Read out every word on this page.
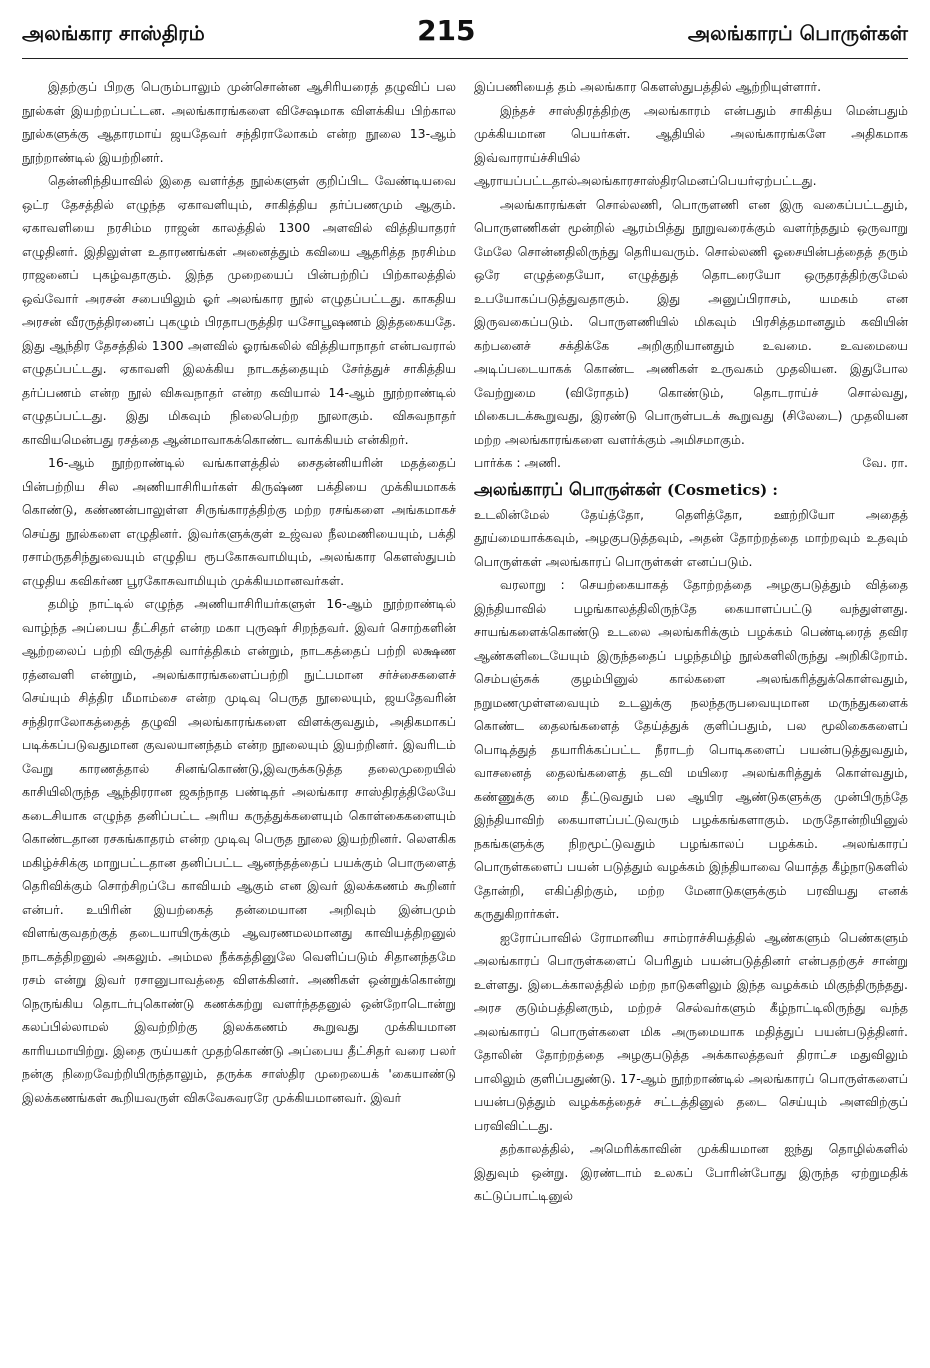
அலங்கார சாஸ்திரம்	215	அலங்காரப் பொருள்கள்

இதற்குப் பிறகு பெரும்பாலும் முன்சொன்ன ஆசிரியரைத் தழுவிப் பல நூல்கள் இயற்றப்பட்டன. அலங்காரங்களை விசேஷமாக விளக்கிய பிற்கால நூல்களுக்கு ஆதாரமாய் ஜயதேவர் சந்திராலோகம் என்ற நூலை 13-ஆம் நூற்றாண்டில் இயற்றினர்.

தென்னிந்தியாவில் இதை வளர்த்த நூல்களுள் குறிப்பிட வேண்டியவை ஒட்ர தேசத்தில் எழுந்த ஏகாவளியும், சாகித்திய தர்ப்பணமும் ஆகும். ஏகாவளியை நரசிம்ம ராஜன் காலத்தில் 1300 அளவில் வித்தியாதரர் எழுதினர். இதிலுள்ள உதாரணங்கள் அனைத்தும் கவியை ஆதரித்த நரசிம்ம ராஜனைப் புகழ்வதாகும். இந்த முறையைப் பின்பற்றிப் பிற்காலத்தில் ஒவ்வோர் அரசன் சபையிலும் ஓர் அலங்கார நூல் எழுதப்பட்டது. காகதிய அரசன் வீரருத்திரனைப் புகழும் பிரதாபருத்திர யசோபூஷணம் இத்தகையதே. இது ஆந்திர தேசத்தில் 1300 அளவில் ஓரங்கலில் வித்தியாநாதர் என்பவரால் எழுதப்பட்டது. ஏகாவளி இலக்கிய நாடகத்தையும் சேர்த்துச் சாகித்திய தர்ப்பணம் என்ற நூல் விசுவநாதர் என்ற கவியால் 14-ஆம் நூற்றாண்டில் எழுதப்பட்டது. இது மிகவும் நிலைபெற்ற நூலாகும். விசுவநாதர் காவியமென்பது ரசத்தை ஆன்மாவாகக்கொண்ட வாக்கியம் என்கிறர்.

16-ஆம் நூற்றாண்டில் வங்காளத்தில் சைதன்னியரின் மதத்தைப் பின்பற்றிய சில அணியாசிரியர்கள் கிருஷ்ண பக்தியை முக்கியமாகக் கொண்டு, கண்ணன்பாலுள்ள சிருங்காரத்திற்கு மற்ற ரசங்களை அங்கமாகச் செய்து நூல்களை எழுதினர். இவர்களுக்குள் உஜ்வல நீலமணியையும், பக்தி ரசாம்ருதசிந்துவையும் எழுதிய ரூபகோசுவாமியும், அலங்கார கௌஸ்துபம் எழுதிய கவிகர்ண பூரகோசுவாமியும் முக்கியமானவர்கள்.

தமிழ் நாட்டில் எழுந்த அணியாசிரியர்களுள் 16-ஆம் நூற்றாண்டில் வாழ்ந்த அப்பைய தீட்சிதர் என்ற மகா புருஷர் சிறந்தவர். இவர் சொற்களின் ஆற்றலைப் பற்றி விருத்தி வார்த்திகம் என்றும், நாடகத்தைப் பற்றி லக்ஷண ரத்னவளி என்றும், அலங்காரங்களைப்பற்றி நுட்பமான சர்ச்சைகளைச் செய்யும் சித்திர மீமாம்சை என்ற முடிவு பெருத நூலையும், ஜயதேவரின் சந்திராலோகத்தைத் தழுவி அலங்காரங்களை விளக்குவதும், அதிகமாகப் படிக்கப்படுவதுமான குவலயானந்தம் என்ற நூலையும் இயற்றினர். இவரிடம் வேறு காரணத்தால் சினங்கொண்டு,இவருக்கடுத்த தலைமுறையில் காசியிலிருந்த ஆந்திரரான ஜகந்நாத பண்டிதர் அலங்கார சாஸ்திரத்திலேயே கடைசியாக எழுந்த தனிப்பட்ட அரிய கருத்துக்களையும் கொள்கைகளையும் கொண்டதான ரசகங்காதரம் என்ற முடிவு பெருத நூலை இயற்றினர். லௌகிக மகிழ்ச்சிக்கு மாறுபட்டதான தனிப்பட்ட ஆனந்தத்தைப் பயக்கும் பொருளைத் தெரிவிக்கும் சொற்சிறப்பே காவியம் ஆகும் என இவர் இலக்கணம் கூறினர் என்பர். உயிரின் இயற்கைத் தன்மையான அறிவும் இன்பமும் விளங்குவதற்குத் தடையாயிருக்கும் ஆவரணமலமானது காவியத்திறனுல் நாடகத்திறனுல் அகலும். அம்மல நீக்கத்தினுலே வெளிப்படும் சிதானந்தமே ரசம் என்று இவர் ரசானுபாவத்தை விளக்கினர். அணிகள் ஒன்றுக்கொன்று நெருங்கிய தொடர்புகொண்டு கணக்கற்று வளர்ந்ததனுல் ஒன்றோடொன்று கலப்பில்லாமல் இவற்றிற்கு இலக்கணம் கூறுவது முக்கியமான காரியமாயிற்று. இதை ருய்யகர் முதற்கொண்டு அப்பைய தீட்சிதர் வரை பலர் நன்கு நிறைவேற்றியிருந்தாலும், தருக்க சாஸ்திர முறையைக் 'கையாண்டு இலக்கணங்கள் கூறியவருள் விசுவேசுவரரே முக்கியமானவர். இவர்

இப்பணியைத் தம் அலங்கார கௌஸ்துபத்தில் ஆற்றியுள்ளார்.

இந்தச் சாஸ்திரத்திற்கு அலங்காரம் என்பதும் சாகித்ய மென்பதும் முக்கியமான பெயர்கள். ஆதியில் அலங்காரங்களே அதிகமாக இவ்வாராய்ச்சியில் ஆராயப்பட்டதால்அலங்காரசாஸ்திரமெனப்பெயர்ஏற்பட்டது.

அலங்காரங்கள் சொல்லணி, பொருளணி என இரு வகைப்பட்டதும், பொருளணிகள் மூன்றில் ஆரம்பித்து நூறுவரைக்கும் வளர்ந்ததும் ஒருவாறு மேலே சொன்னதிலிருந்து தெரியவரும். சொல்லணி ஓசையின்பத்தைத் தரும் ஒரே எழுத்தையோ, எழுத்துத் தொடரையோ ஒருதரத்திற்குமேல் உபயோகப்படுத்துவதாகும். இது அனுப்பிராசம், யமகம் என இருவகைப்படும். பொருளணியில் மிகவும் பிரசித்தமானதும் கவியின் கற்பனைச் சக்திக்கே அறிகுறியானதும் உவமை. உவமையை அடிப்படையாகக் கொண்ட அணிகள் உருவகம் முதலியன. இதுபோல வேற்றுமை (விரோதம்) கொண்டும், தொடராய்ச் சொல்வது, மிகைபடக்கூறுவது, இரண்டு பொருள்படக் கூறுவது (சிலேடை) முதலியன மற்ற அலங்காரங்களை வளர்க்கும் அமிசமாகும்.

பார்க்க : அணி.	வே. ரா.
அலங்காரப் பொருள்கள் (Cosmetics) :

உடலின்மேல் தேய்த்தோ, தெளித்தோ, ஊற்றியோ அதைத் தூய்மையாக்கவும், அழகுபடுத்தவும், அதன் தோற்றத்தை மாற்றவும் உதவும் பொருள்கள் அலங்காரப் பொருள்கள் எனப்படும்.

வரலாறு : செயற்கையாகத் தோற்றத்தை அழகுபடுத்தும் வித்தை இந்தியாவில் பழங்காலத்திலிருந்தே கையாளப்பட்டு வந்துள்ளது. சாயங்களைக்கொண்டு உடலை அலங்கரிக்கும் பழக்கம் பெண்டிரைத் தவிர ஆண்களிடையேயும் இருந்ததைப் பழந்தமிழ் நூல்களிலிருந்து அறிகிறோம். செம்பஞ்சுக் குழம்பினுல் கால்களை அலங்கரித்துக்கொள்வதும், நறுமணமுள்ளவையும் உடலுக்கு நலந்தருபவையுமான மருந்துகளைக் கொண்ட தைலங்களைத் தேய்த்துக் குளிப்பதும், பல மூலிகைகளைப் பொடித்துத் தயாரிக்கப்பட்ட நீராடற் பொடிகளைப் பயன்படுத்துவதும், வாசனைத் தைலங்களைத் தடவி மயிரை அலங்கரித்துக் கொள்வதும், கண்ணுக்கு மை தீட்டுவதும் பல ஆயிர ஆண்டுகளுக்கு முன்பிருந்தே இந்தியாவிற் கையாளப்பட்டுவரும் பழக்கங்களாகும். மருதோன்றியினுல் நகங்களுக்கு நிறமூட்டுவதும் பழங்காலப் பழக்கம். அலங்காரப் பொருள்களைப் பயன் படுத்தும் வழக்கம் இந்தியாவை யொத்த கீழ்நாடுகளில் தோன்றி, எகிப்திற்கும், மற்ற மேனாடுகளுக்கும் பரவியது எனக் கருதுகிறார்கள்.

ஐரோப்பாவில் ரோமானிய சாம்ராச்சியத்தில் ஆண்களும் பெண்களும் அலங்காரப் பொருள்களைப் பெரிதும் பயன்படுத்தினர் என்பதற்குச் சான்று உள்ளது. இடைக்காலத்தில் மற்ற நாடுகளிலும் இந்த வழக்கம் மிகுந்திருந்தது. அரச குடும்பத்தினரும், மற்றச் செல்வர்களும் கீழ்நாட்டிலிருந்து வந்த அலங்காரப் பொருள்களை மிக அருமையாக மதித்துப் பயன்படுத்தினர். தோலின் தோற்றத்தை அழகுபடுத்த அக்காலத்தவர் திராட்ச மதுவிலும் பாலிலும் குளிப்பதுண்டு. 17-ஆம் நூற்றாண்டில் அலங்காரப் பொருள்களைப் பயன்படுத்தும் வழக்கத்தைச் சட்டத்தினுல் தடை செய்யும் அளவிற்குப் பரவிவிட்டது.

தற்காலத்தில், அமெரிக்காவின் முக்கியமான ஐந்து தொழில்களில் இதுவும் ஒன்று. இரண்டாம் உலகப் போரின்போது இருந்த ஏற்றுமதிக் கட்டுப்பாட்டினுல்
